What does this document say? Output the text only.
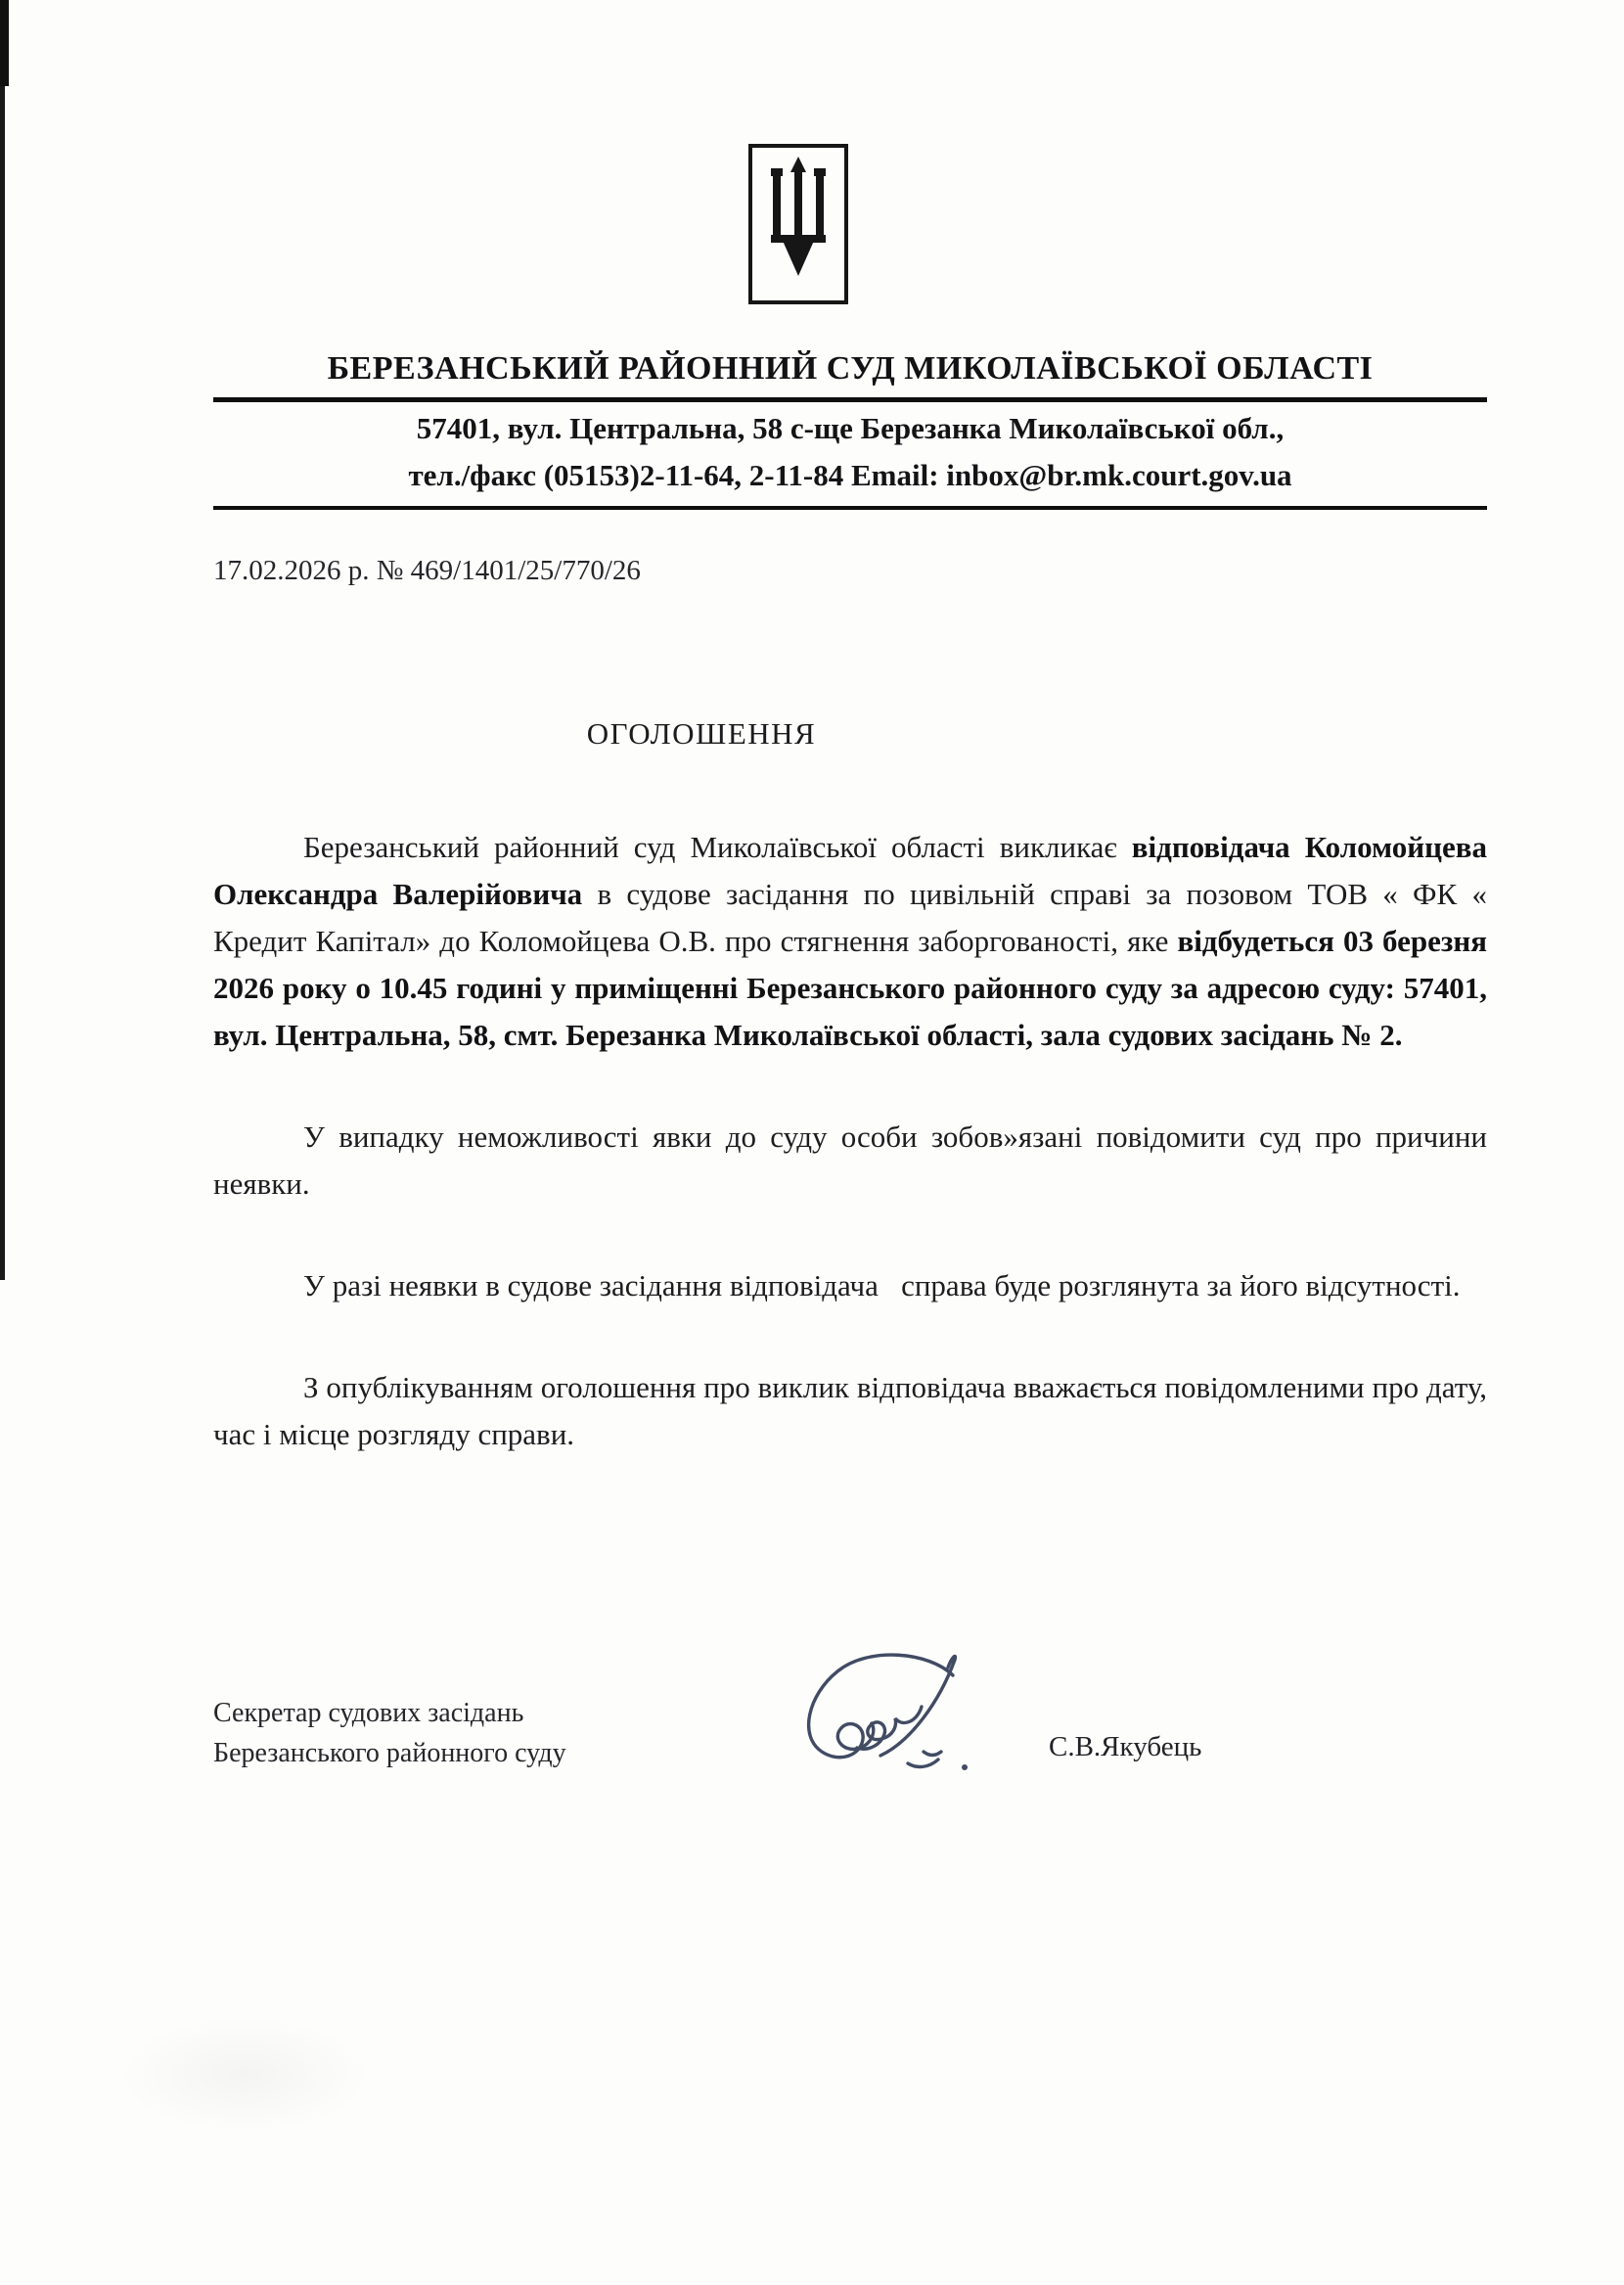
БЕРЕЗАНСЬКИЙ РАЙОННИЙ СУД МИКОЛАЇВСЬКОЇ ОБЛАСТІ
57401, вул. Центральна, 58 с-ще Березанка Миколаївської обл.,
тел./факс (05153)2-11-64, 2-11-84 Email: inbox@br.mk.court.gov.ua
17.02.2026 р. № 469/1401/25/770/26
ОГОЛОШЕННЯ

Березанський районний суд Миколаївської області викликає відповідача Коломойцева Олександра Валерійовича в судове засідання по цивільній справі за позовом ТОВ « ФК « Кредит Капітал» до Коломойцева О.В. про стягнення заборгованості, яке відбудеться 03 березня 2026 року о 10.45 годині у приміщенні Березанського районного суду за адресою суду: 57401, вул. Центральна, 58, смт. Березанка Миколаївської області, зала судових засідань № 2.

У випадку неможливості явки до суду особи зобов»язані повідомити суд про причини неявки.

У разі неявки в судове засідання відповідача   справа буде розглянута за його відсутності.

З опублікуванням оголошення про виклик відповідача вважається повідомленими про дату, час і місце розгляду справи.

Секретар судових засідань
Березанського районного суду	С.В.Якубець
